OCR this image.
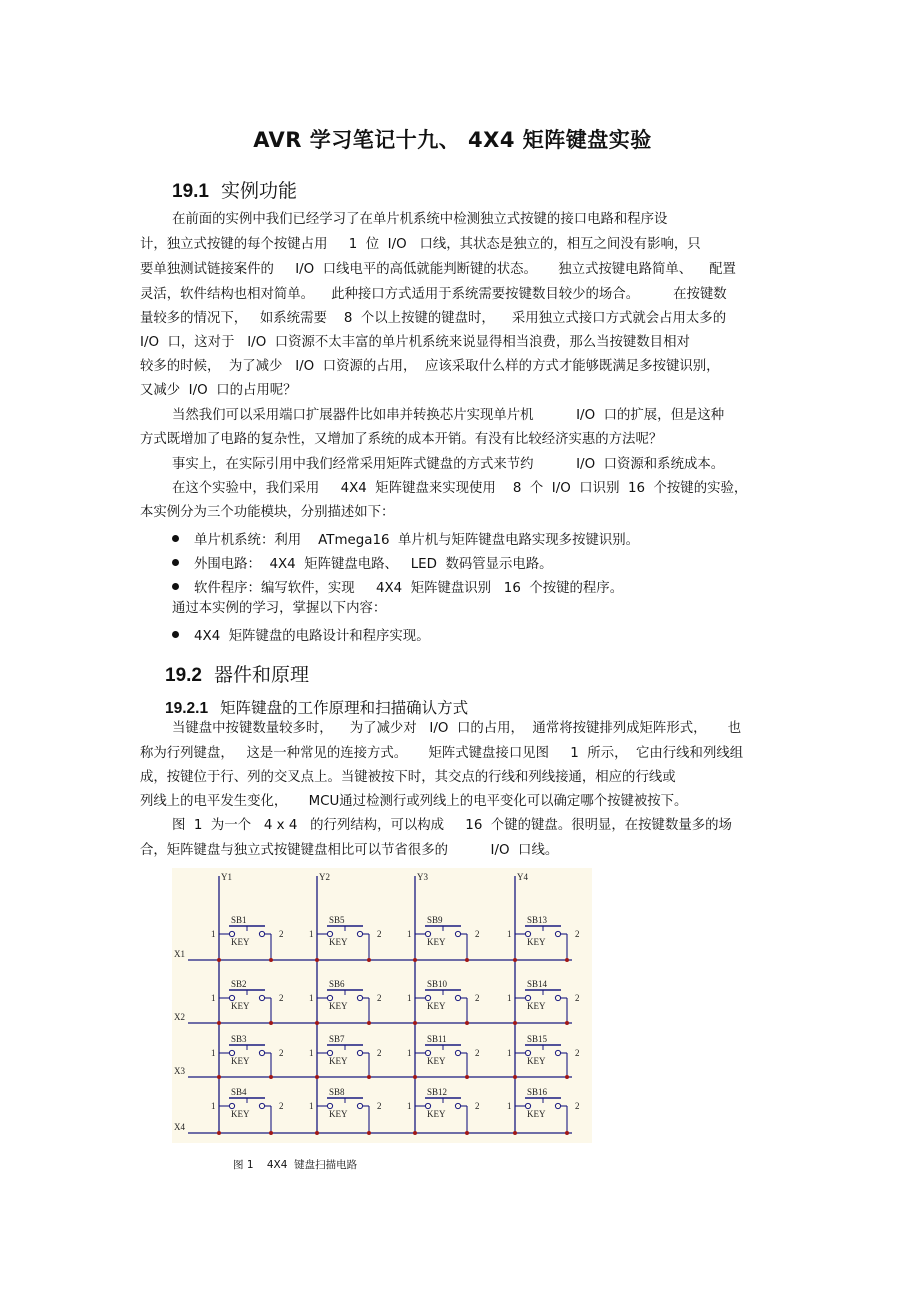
AVR 学习笔记十九、 4X4 矩阵键盘实验
19.1 实例功能
在前面的实例中我们已经学习了在单片机系统中检测独立式按键的接口电路和程序设
计，独立式按键的每个按键占用     1  位  I/O   口线，其状态是独立的，相互之间没有影响，只
要单独测试链接案件的     I/O  口线电平的高低就能判断键的状态。     独立式按键电路简单、    配置
灵活，软件结构也相对简单。    此种接口方式适用于系统需要按键数目较少的场合。        在按键数
量较多的情况下，   如系统需要    8  个以上按键的键盘时，    采用独立式接口方式就会占用太多的
I/O  口，这对于   I/O  口资源不太丰富的单片机系统来说显得相当浪费，那么当按键数目相对
较多的时候，  为了减少   I/O  口资源的占用，  应该采取什么样的方式才能够既满足多按键识别，
又减少  I/O  口的占用呢？
当然我们可以采用端口扩展器件比如串并转换芯片实现单片机          I/O  口的扩展，但是这种
方式既增加了电路的复杂性，又增加了系统的成本开销。有没有比较经济实惠的方法呢？
事实上，在实际引用中我们经常采用矩阵式键盘的方式来节约          I/O  口资源和系统成本。
在这个实验中，我们采用     4X4  矩阵键盘来实现使用    8  个  I/O  口识别  16  个按键的实验，
本实例分为三个功能模块，分别描述如下：
单片机系统：利用    ATmega16  单片机与矩阵键盘电路实现多按键识别。
外围电路：  4X4  矩阵键盘电路、   LED  数码管显示电路。
软件程序：编写软件，实现     4X4  矩阵键盘识别   16  个按键的程序。
通过本实例的学习，掌握以下内容：
4X4  矩阵键盘的电路设计和程序实现。
19.2 器件和原理
19.2.1 矩阵键盘的工作原理和扫描确认方式
当键盘中按键数量较多时，    为了减少对   I/O  口的占用，  通常将按键排列成矩阵形式，     也
称为行列键盘，   这是一种常见的连接方式。     矩阵式键盘接口见图     1  所示，  它由行线和列线组
成，按键位于行、列的交叉点上。当键被按下时，其交点的行线和列线接通，相应的行线或
列线上的电平发生变化，     MCU通过检测行或列线上的电平变化可以确定哪个按键被按下。
图  1  为一个   4 x 4   的行列结构，可以构成     16  个键的键盘。很明显，在按键数量多的场
合，矩阵键盘与独立式按键键盘相比可以节省很多的          I/O  口线。
Y1	Y2	Y3	Y4
X1
X2
X3
X4
SB1
KEY
1	2
SB5
KEY
1	2
SB9
KEY
1	2
SB13
KEY
1	2
SB2
KEY
1	2
SB6
KEY
1	2
SB10
KEY
1	2
SB14
KEY
1	2
SB3
KEY
1	2
SB7
KEY
1	2
SB11
KEY
1	2
SB15
KEY
1	2
SB4
KEY
1	2
SB8
KEY
1	2
SB12
KEY
1	2
SB16
KEY
1	2
图 1    4X4  键盘扫描电路
